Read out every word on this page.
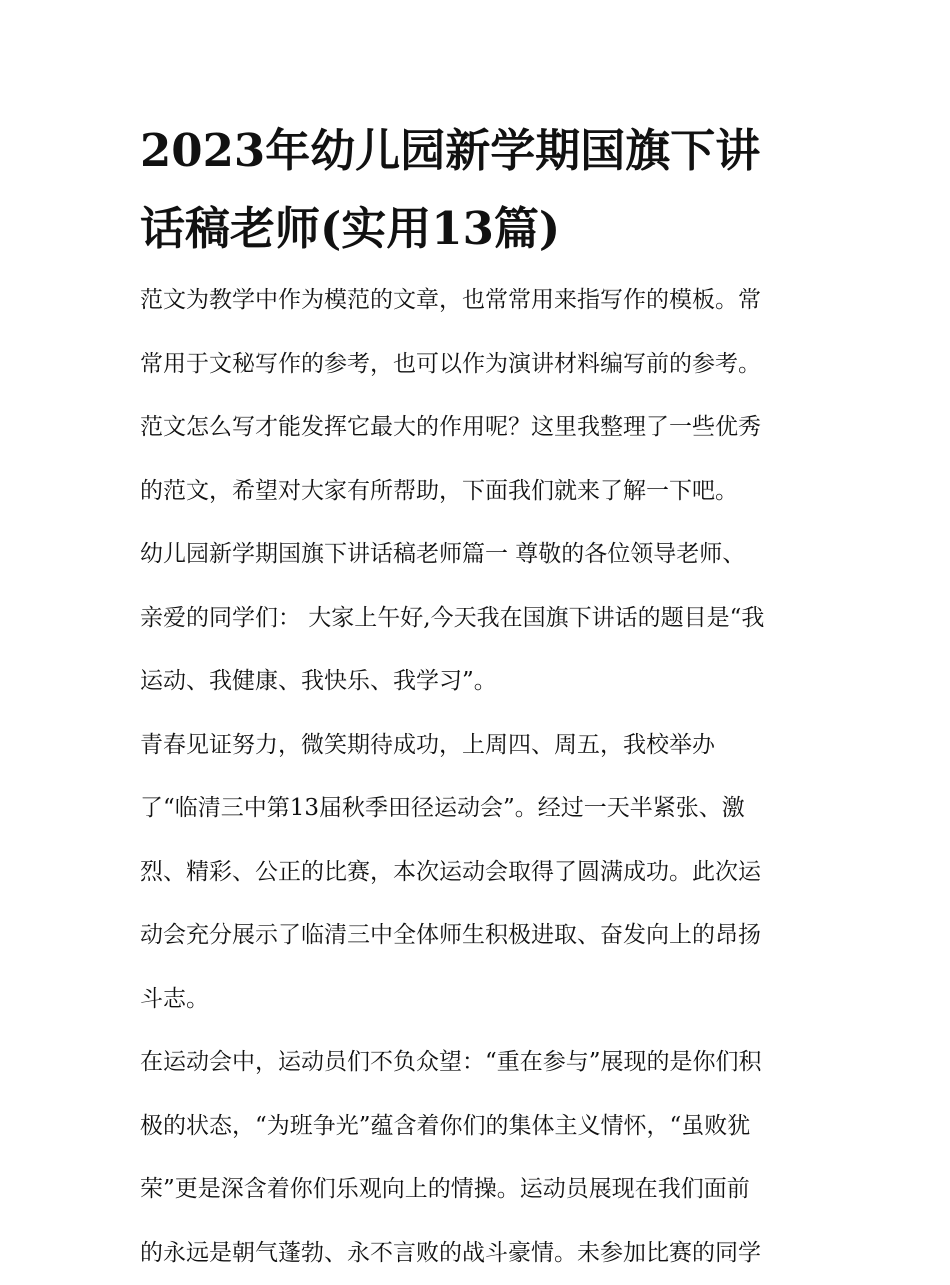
2023年幼儿园新学期国旗下讲
话稿老师(实用13篇)
范文为教学中作为模范的文章，也常常用来指写作的模板。常
常用于文秘写作的参考，也可以作为演讲材料编写前的参考。
范文怎么写才能发挥它最大的作用呢？这里我整理了一些优秀
的范文，希望对大家有所帮助，下面我们就来了解一下吧。
幼儿园新学期国旗下讲话稿老师篇一 尊敬的各位领导老师、
亲爱的同学们： 大家上午好,今天我在国旗下讲话的题目是“我
运动、我健康、我快乐、我学习”。
青春见证努力，微笑期待成功，上周四、周五，我校举办
了“临清三中第13届秋季田径运动会”。经过一天半紧张、激
烈、精彩、公正的比赛，本次运动会取得了圆满成功。此次运
动会充分展示了临清三中全体师生积极进取、奋发向上的昂扬
斗志。
在运动会中，运动员们不负众望：“重在参与”展现的是你们积
极的状态，“为班争光”蕴含着你们的集体主义情怀，“虽败犹
荣”更是深含着你们乐观向上的情操。运动员展现在我们面前
的永远是朝气蓬勃、永不言败的战斗豪情。未参加比赛的同学
